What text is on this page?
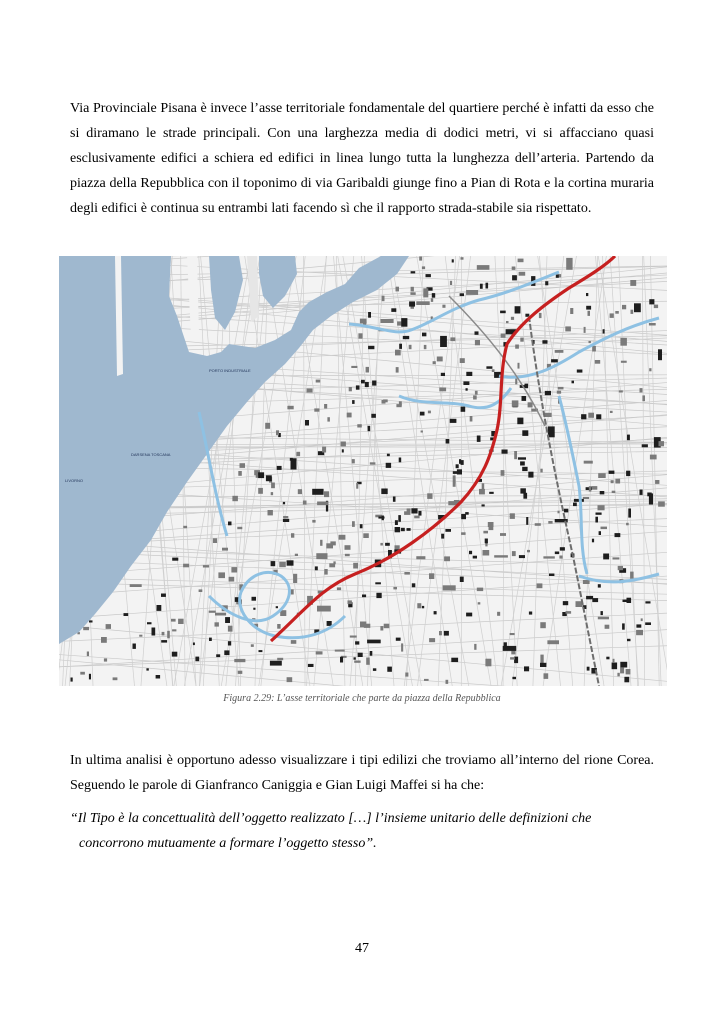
Via Provinciale Pisana è invece l’asse territoriale fondamentale del quartiere perché è infatti da esso che si diramano le strade principali. Con una larghezza media di dodici metri, vi si affacciano quasi esclusivamente edifici a schiera ed edifici in linea lungo tutta la lunghezza dell’arteria. Partendo da piazza della Repubblica con il toponimo di via Garibaldi giunge fino a Pian di Rota e la cortina muraria degli edifici è continua su entrambi lati facendo sì che il rapporto strada-stabile sia rispettato.

PORTO INDUSTRIALE
DARSENA TOSCANA
LIVORNO
Figura 2.29: L’asse territoriale che parte da piazza della Repubblica

In ultima analisi è opportuno adesso visualizzare i tipi edilizi che troviamo all’interno del rione Corea. Seguendo le parole di Gianfranco Caniggia e Gian Luigi Maffei si ha che:

“Il Tipo è la concettualità dell’oggetto realizzato […] l’insieme unitario delle definizioni che
concorrono mutuamente a formare l’oggetto stesso”.

47
